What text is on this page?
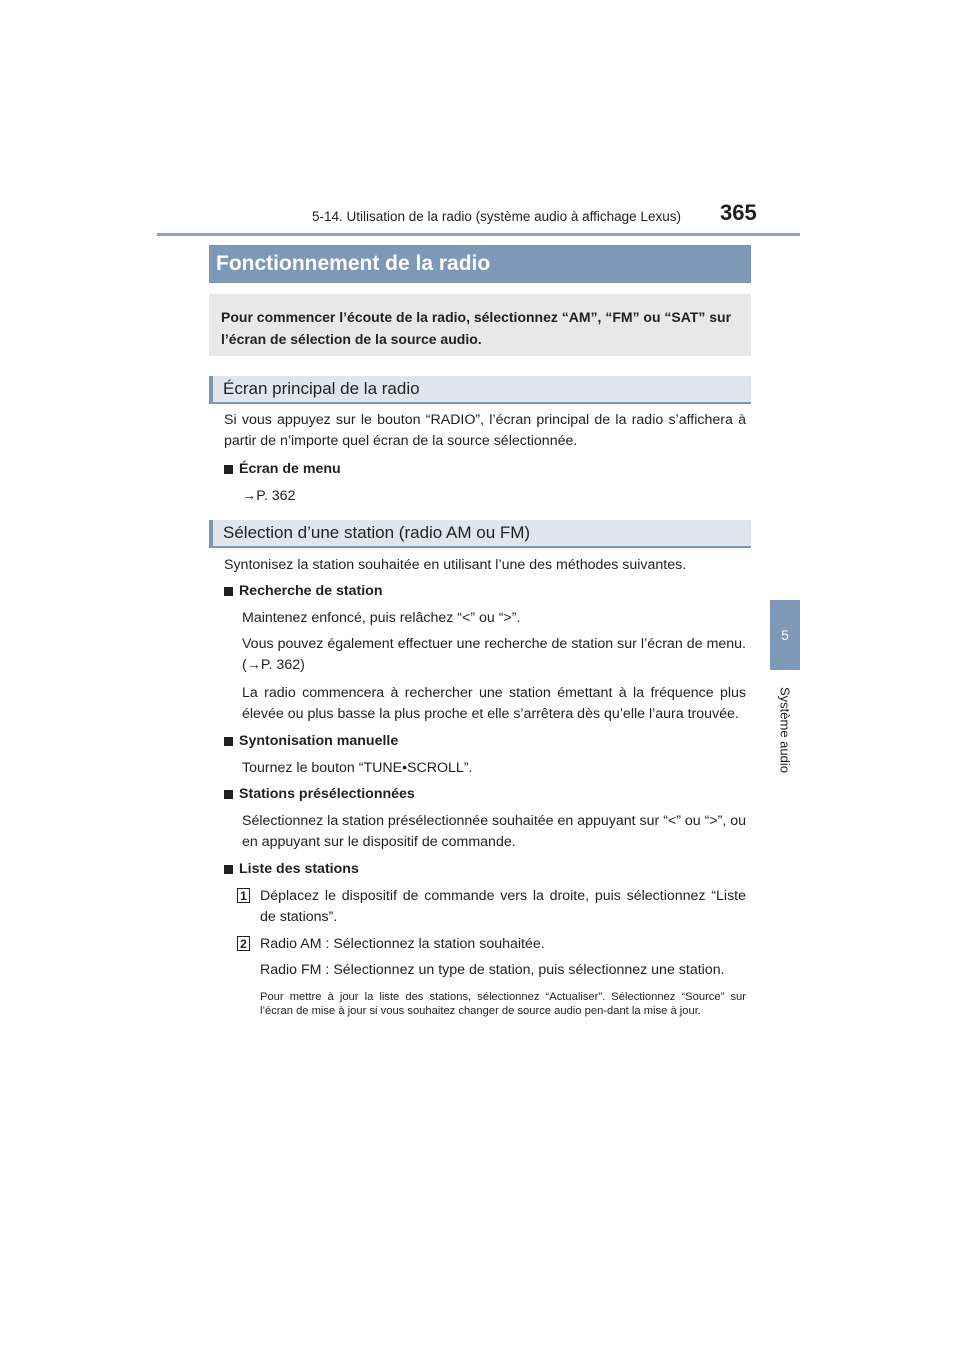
5-14. Utilisation de la radio (système audio à affichage Lexus) 365
5
Système audio
Fonctionnement de la radio
Pour commencer l’écoute de la radio, sélectionnez “AM”, “FM” ou “SAT” sur l’écran de sélection de la source audio.
Écran principal de la radio
Si vous appuyez sur le bouton “RADIO”, l’écran principal de la radio s’affichera à partir de n’importe quel écran de la source sélectionnée.
Écran de menu
→P. 362
Sélection d’une station (radio AM ou FM)
Syntonisez la station souhaitée en utilisant l’une des méthodes suivantes.
Recherche de station
Maintenez enfoncé, puis relâchez “<” ou “>”.
Vous pouvez également effectuer une recherche de station sur l’écran de menu. (→P. 362)
La radio commencera à rechercher une station émettant à la fréquence plus élevée ou plus basse la plus proche et elle s’arrêtera dès qu’elle l’aura trouvée.
Syntonisation manuelle
Tournez le bouton “TUNE•SCROLL”.
Stations présélectionnées
Sélectionnez la station présélectionnée souhaitée en appuyant sur “<” ou “>”, ou en appuyant sur le dispositif de commande.
Liste des stations
1 Déplacez le dispositif de commande vers la droite, puis sélectionnez “Liste de stations”.
2 Radio AM : Sélectionnez la station souhaitée.
Radio FM : Sélectionnez un type de station, puis sélectionnez une station.
Pour mettre à jour la liste des stations, sélectionnez “Actualiser”. Sélectionnez “Source” sur l’écran de mise à jour si vous souhaitez changer de source audio pen-dant la mise à jour.
